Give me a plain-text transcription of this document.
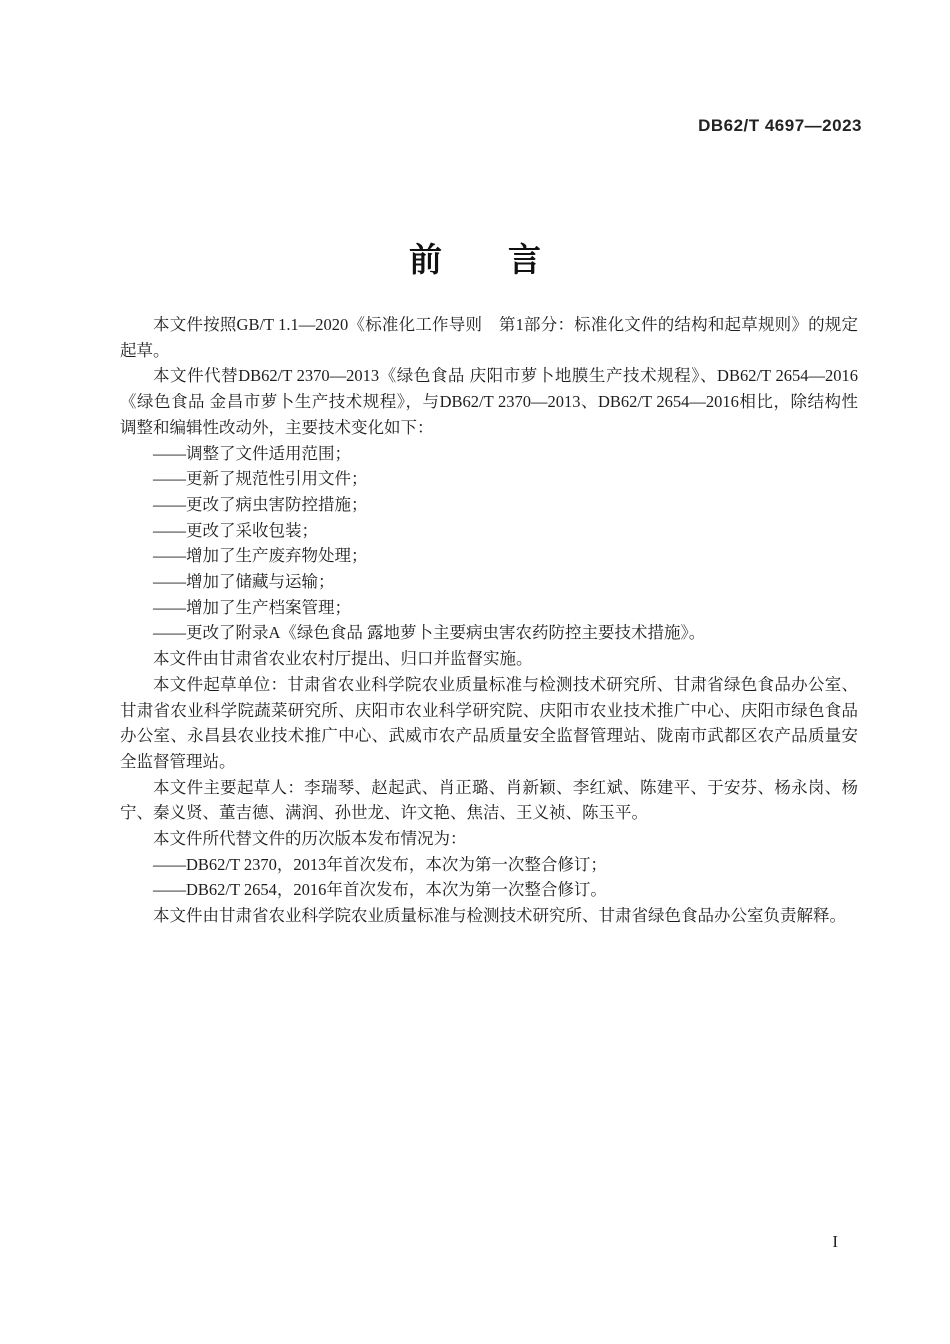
DB62/T 4697—2023
前　　言

本文件按照GB/T 1.1—2020《标准化工作导则　第1部分：标准化文件的结构和起草规则》的规定起草。

本文件代替DB62/T 2370—2013《绿色食品 庆阳市萝卜地膜生产技术规程》、DB62/T 2654—2016《绿色食品 金昌市萝卜生产技术规程》，与DB62/T 2370—2013、DB62/T 2654—2016相比，除结构性调整和编辑性改动外，主要技术变化如下：

——调整了文件适用范围；

——更新了规范性引用文件；

——更改了病虫害防控措施；

——更改了采收包装；

——增加了生产废弃物处理；

——增加了储藏与运输；

——增加了生产档案管理；

——更改了附录A《绿色食品 露地萝卜主要病虫害农药防控主要技术措施》。

本文件由甘肃省农业农村厅提出、归口并监督实施。

本文件起草单位：甘肃省农业科学院农业质量标准与检测技术研究所、甘肃省绿色食品办公室、甘肃省农业科学院蔬菜研究所、庆阳市农业科学研究院、庆阳市农业技术推广中心、庆阳市绿色食品办公室、永昌县农业技术推广中心、武威市农产品质量安全监督管理站、陇南市武都区农产品质量安全监督管理站。

本文件主要起草人：李瑞琴、赵起武、肖正璐、肖新颖、李红斌、陈建平、于安芬、杨永岗、杨宁、秦义贤、董吉德、满润、孙世龙、许文艳、焦洁、王义祯、陈玉平。

本文件所代替文件的历次版本发布情况为：

——DB62/T 2370，2013年首次发布，本次为第一次整合修订；

——DB62/T 2654，2016年首次发布，本次为第一次整合修订。

本文件由甘肃省农业科学院农业质量标准与检测技术研究所、甘肃省绿色食品办公室负责解释。

I
